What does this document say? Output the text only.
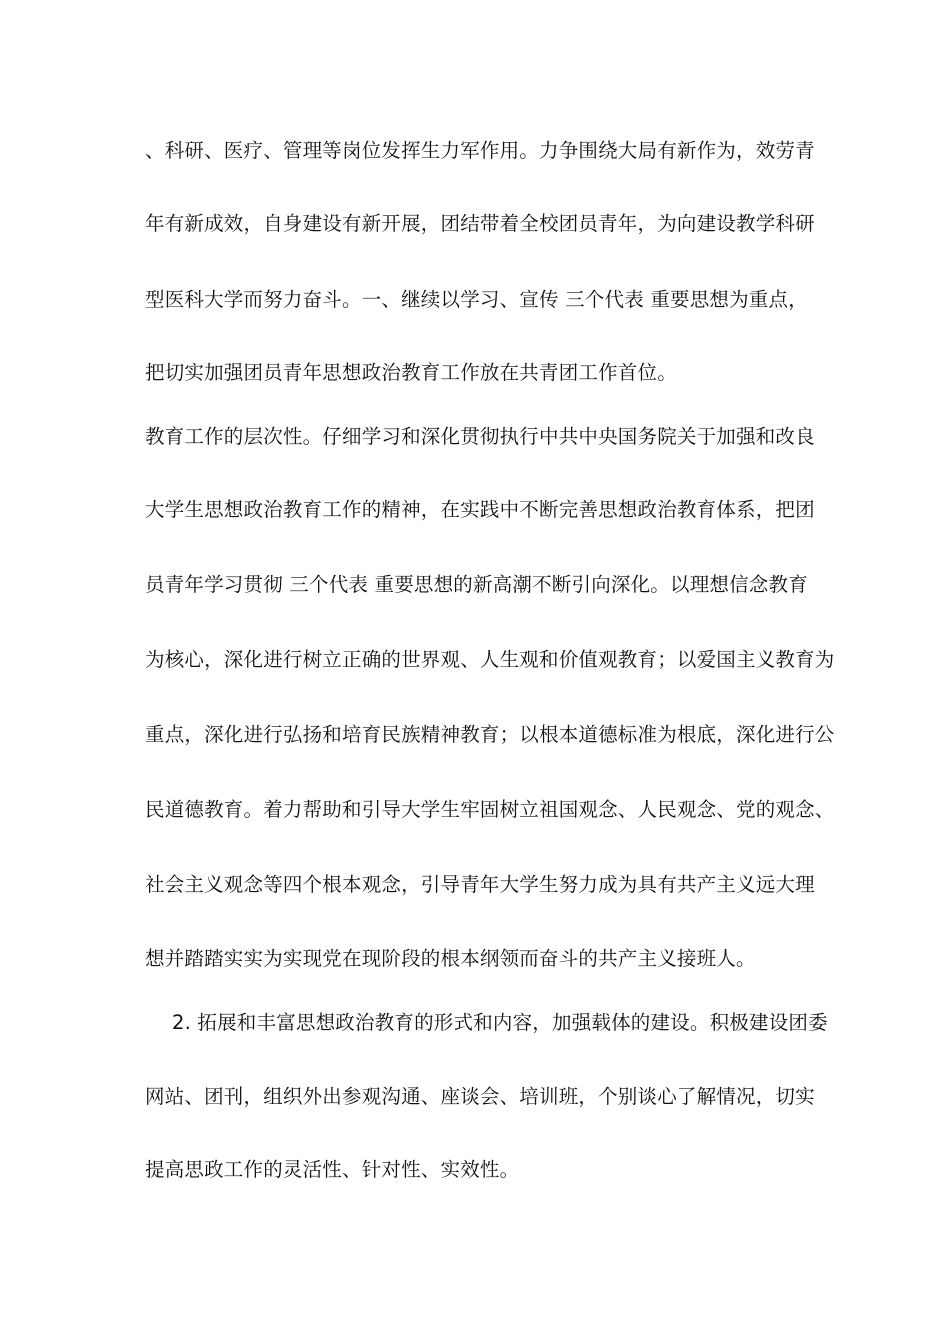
、科研、医疗、管理等岗位发挥生力军作用。力争围绕大局有新作为，效劳青
年有新成效，自身建设有新开展，团结带着全校团员青年，为向建设教学科研
型医科大学而努力奋斗。一、继续以学习、宣传 三个代表 重要思想为重点，
把切实加强团员青年思想政治教育工作放在共青团工作首位。
教育工作的层次性。仔细学习和深化贯彻执行中共中央国务院关于加强和改良
大学生思想政治教育工作的精神，在实践中不断完善思想政治教育体系，把团
员青年学习贯彻 三个代表 重要思想的新高潮不断引向深化。以理想信念教育
为核心，深化进行树立正确的世界观、人生观和价值观教育；以爱国主义教育为
重点，深化进行弘扬和培育民族精神教育；以根本道德标准为根底，深化进行公
民道德教育。着力帮助和引导大学生牢固树立祖国观念、人民观念、党的观念、
社会主义观念等四个根本观念，引导青年大学生努力成为具有共产主义远大理
想并踏踏实实为实现党在现阶段的根本纲领而奋斗的共产主义接班人。
2. 拓展和丰富思想政治教育的形式和内容，加强载体的建设。积极建设团委
网站、团刊，组织外出参观沟通、座谈会、培训班，个别谈心了解情况，切实
提高思政工作的灵活性、针对性、实效性。
